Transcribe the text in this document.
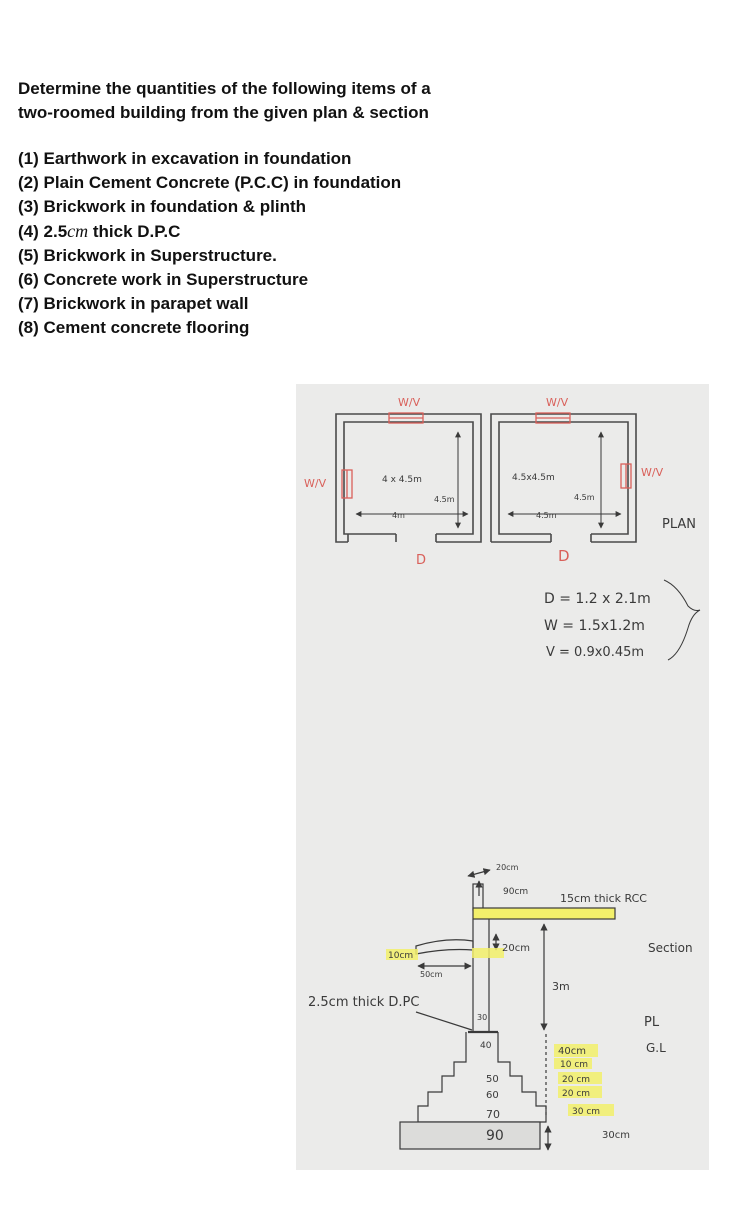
Determine the quantities of the following items of a
two-roomed building from the given plan & section
(1) Earthwork in excavation in foundation
(2) Plain Cement Concrete (P.C.C) in foundation
(3) Brickwork in foundation & plinth
(4) 2.5cm thick D.P.C
(5) Brickwork in Superstructure.
(6) Concrete work in Superstructure
(7) Brickwork in parapet wall
(8) Cement concrete flooring
W/V	W/V
W/V
W/V
4 x 4.5m
4.5m
4m
4.5x4.5m
4.5m
4.5m
D	D
PLAN
D = 1.2 x 2.1m
W = 1.5x1.2m
V = 0.9x0.45m
20cm
90cm	15cm thick RCC
10cm
50cm
20cm
3m
2.5cm thick D.PC
30
40
50
60
70
90
40cm
10 cm
20 cm
20 cm
30 cm
30cm
Section
PL
G.L
